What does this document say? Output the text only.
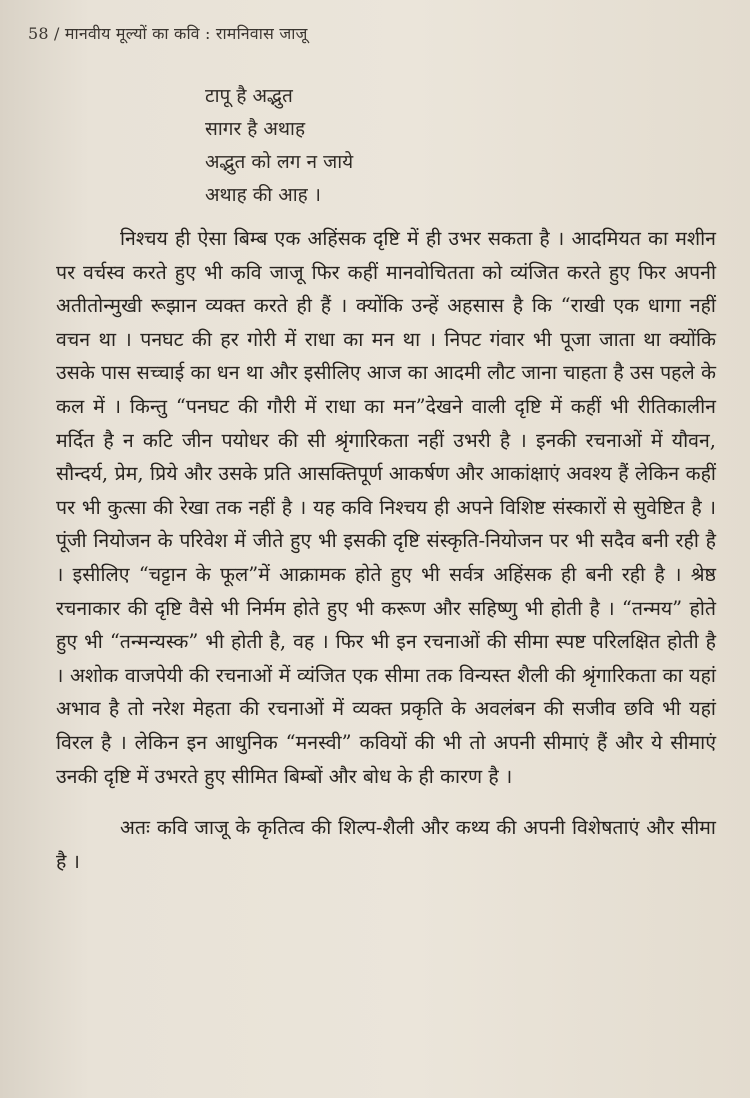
58 / मानवीय मूल्यों का कवि : रामनिवास जाजू
टापू है अद्भुत
सागर है अथाह
अद्भुत को लग न जाये
अथाह की आह ।

निश्चय ही ऐसा बिम्ब एक अहिंसक दृष्टि में ही उभर सकता है । आदमियत का मशीन पर वर्चस्व करते हुए भी कवि जाजू फिर कहीं मानवोचितता को व्यंजित करते हुए फिर अपनी अतीतोन्मुखी रूझान व्यक्त करते ही हैं । क्योंकि उन्हें अहसास है कि “राखी एक धागा नहीं वचन था । पनघट की हर गोरी में राधा का मन था । निपट गंवार भी पूजा जाता था क्योंकि उसके पास सच्चाई का धन था और इसीलिए आज का आदमी लौट जाना चाहता है उस पहले के कल में । किन्तु “पनघट की गौरी में राधा का मन”देखने वाली दृष्टि में कहीं भी रीतिकालीन मर्दित है न कटि जीन पयोधर की सी श्रृंगारिकता नहीं उभरी है । इनकी रचनाओं में यौवन, सौन्दर्य, प्रेम, प्रिये और उसके प्रति आसक्तिपूर्ण आकर्षण और आकांक्षाएं अवश्य हैं लेकिन कहीं पर भी कुत्सा की रेखा तक नहीं है । यह कवि निश्चय ही अपने विशिष्ट संस्कारों से सुवेष्टित है । पूंजी नियोजन के परिवेश में जीते हुए भी इसकी दृष्टि संस्कृति-नियोजन पर भी सदैव बनी रही है । इसीलिए “चट्टान के फूल”में आक्रामक होते हुए भी सर्वत्र अहिंसक ही बनी रही है । श्रेष्ठ रचनाकार की दृष्टि वैसे भी निर्मम होते हुए भी करूण और सहिष्णु भी होती है । “तन्मय” होते हुए भी “तन्मन्यस्क” भी होती है, वह । फिर भी इन रचनाओं की सीमा स्पष्ट परिलक्षित होती है । अशोक वाजपेयी की रचनाओं में व्यंजित एक सीमा तक विन्यस्त शैली की श्रृंगारिकता का यहां अभाव है तो नरेश मेहता की रचनाओं में व्यक्त प्रकृति के अवलंबन की सजीव छवि भी यहां विरल है । लेकिन इन आधुनिक “मनस्वी” कवियों की भी तो अपनी सीमाएं हैं और ये सीमाएं उनकी दृष्टि में उभरते हुए सीमित बिम्बों और बोध के ही कारण है ।

अतः कवि जाजू के कृतित्व की शिल्प-शैली और कथ्य की अपनी विशेषताएं और सीमा है ।
